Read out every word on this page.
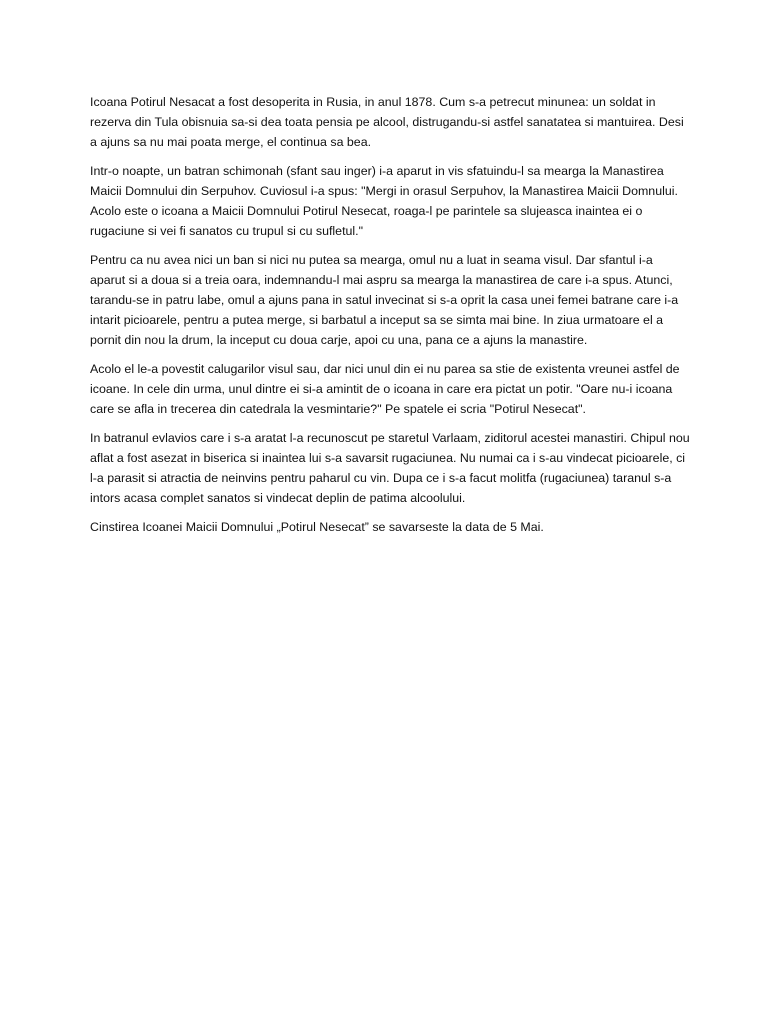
Icoana Potirul Nesacat a fost desoperita in Rusia, in anul 1878. Cum s-a petrecut minunea: un soldat in rezerva din Tula obisnuia sa-si dea toata pensia pe alcool, distrugandu-si astfel sanatatea si mantuirea. Desi a ajuns sa nu mai poata merge, el continua sa bea.

Intr-o noapte, un batran schimonah (sfant sau inger) i-a aparut in vis sfatuindu-l sa mearga la Manastirea Maicii Domnului din Serpuhov. Cuviosul i-a spus: "Mergi in orasul Serpuhov, la Manastirea Maicii Domnului. Acolo este o icoana a Maicii Domnului Potirul Nesecat, roaga-l pe parintele sa slujeasca inaintea ei o rugaciune si vei fi sanatos cu trupul si cu sufletul."

Pentru ca nu avea nici un ban si nici nu putea sa mearga, omul nu a luat in seama visul. Dar sfantul i-a aparut si a doua si a treia oara, indemnandu-l mai aspru sa mearga la manastirea de care i-a spus. Atunci, tarandu-se in patru labe, omul a ajuns pana in satul invecinat si s-a oprit la casa unei femei batrane care i-a intarit picioarele, pentru a putea merge, si barbatul a inceput sa se simta mai bine. In ziua urmatoare el a pornit din nou la drum, la inceput cu doua carje, apoi cu una, pana ce a ajuns la manastire.

Acolo el le-a povestit calugarilor visul sau, dar nici unul din ei nu parea sa stie de existenta vreunei astfel de icoane. In cele din urma, unul dintre ei si-a amintit de o icoana in care era pictat un potir. "Oare nu-i icoana care se afla in trecerea din catedrala la vesmintarie?" Pe spatele ei scria "Potirul Nesecat".

In batranul evlavios care i s-a aratat l-a recunoscut pe staretul Varlaam, ziditorul acestei manastiri. Chipul nou aflat a fost asezat in biserica si inaintea lui s-a savarsit rugaciunea. Nu numai ca i s-au vindecat picioarele, ci l-a parasit si atractia de neinvins pentru paharul cu vin. Dupa ce i s-a facut molitfa (rugaciunea) taranul s-a intors acasa complet sanatos si vindecat deplin de patima alcoolului.

Cinstirea Icoanei Maicii Domnului „Potirul Nesecat” se savarseste la data de 5 Mai.
